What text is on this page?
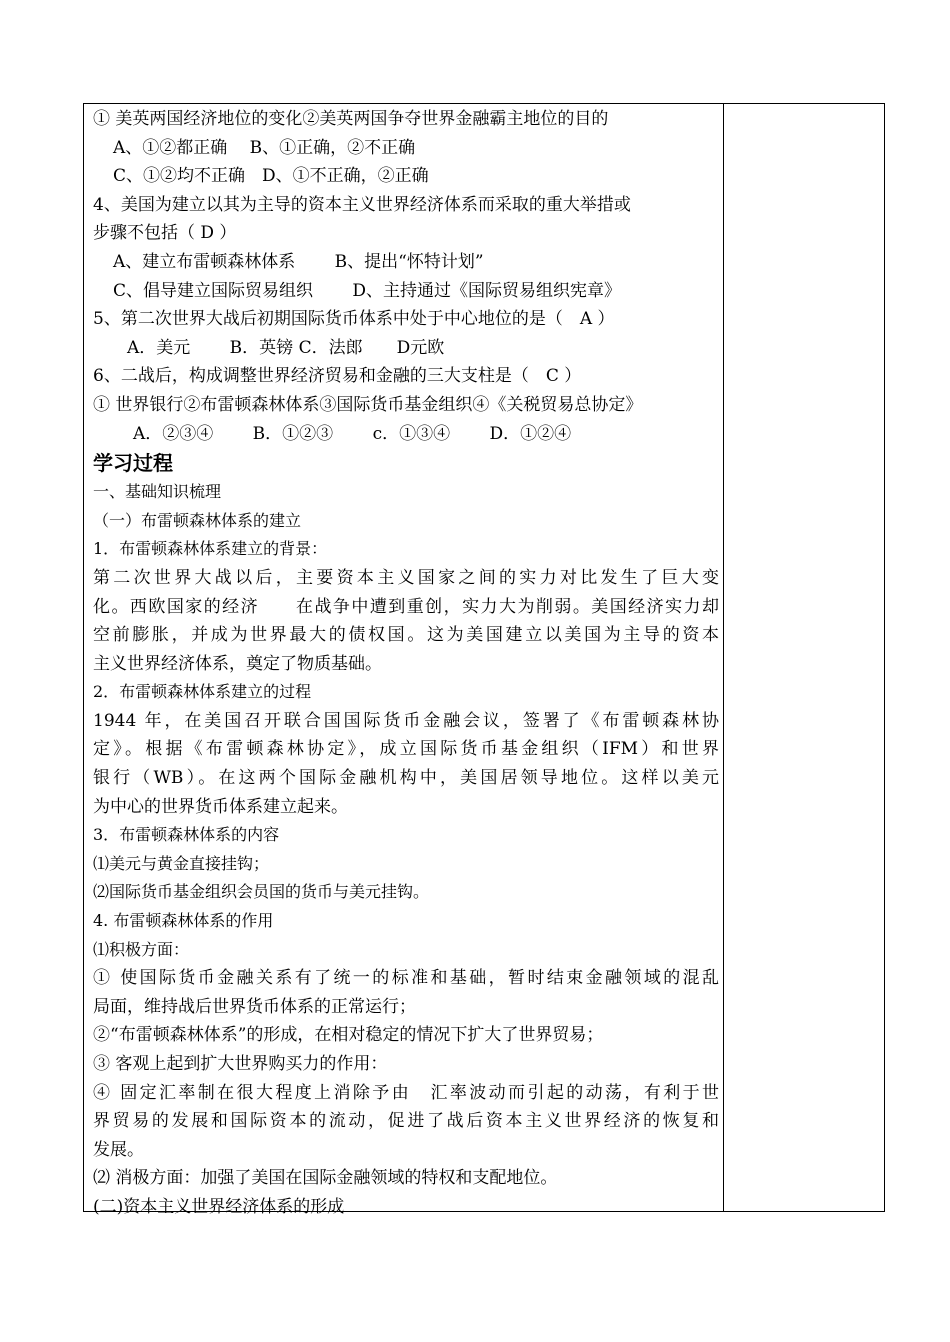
① 美英两国经济地位的变化②美英两国争夺世界金融霸主地位的目的
A、①②都正确　 B、①正确，②不正确
C、①②均不正确　D、①不正确，②正确
4、美国为建立以其为主导的资本主义世界经济体系而采取的重大举措或
步骤不包括（ D ）
A、建立布雷顿森林体系　　 B、提出“怀特计划”
C、倡导建立国际贸易组织　　 D、主持通过《国际贸易组织宪章》
5、第二次世界大战后初期国际货币体系中处于中心地位的是（　A ）
A．美元　　 B．英镑 C．法郎　　D元欧
6、二战后，构成调整世界经济贸易和金融的三大支柱是（　C ）
① 世界银行②布雷顿森林体系③国际货币基金组织④《关税贸易总协定》
A．②③④　　 B．①②③　　 c．①③④　　 D．①②④
学习过程
一、基础知识梳理
（一）布雷顿森林体系的建立
1．布雷顿森林体系建立的背景：
第二次世界大战以后，主要资本主义国家之间的实力对比发生了巨大变
化。西欧国家的经济　　在战争中遭到重创，实力大为削弱。美国经济实力却
空前膨胀，并成为世界最大的债权国。这为美国建立以美国为主导的资本
主义世界经济体系，奠定了物质基础。
2．布雷顿森林体系建立的过程
1944 年，在美国召开联合国国际货币金融会议，签署了《布雷顿森林协
定》。根据《布雷顿森林协定》，成立国际货币基金组织（IFM）和世界
银行（WB）。在这两个国际金融机构中，美国居领导地位。这样以美元
为中心的世界货币体系建立起来。
3．布雷顿森林体系的内容
⑴美元与黄金直接挂钩；
⑵国际货币基金组织会员国的货币与美元挂钩。
4. 布雷顿森林体系的作用
⑴积极方面：
① 使国际货币金融关系有了统一的标准和基础，暂时结束金融领域的混乱
局面，维持战后世界货币体系的正常运行；
②“布雷顿森林体系”的形成，在相对稳定的情况下扩大了世界贸易；
③ 客观上起到扩大世界购买力的作用：
④ 固定汇率制在很大程度上消除予由　汇率波动而引起的动荡，有利于世
界贸易的发展和国际资本的流动，促进了战后资本主义世界经济的恢复和
发展。
⑵ 消极方面：加强了美国在国际金融领域的特权和支配地位。
(二)资本主义世界经济体系的形成
